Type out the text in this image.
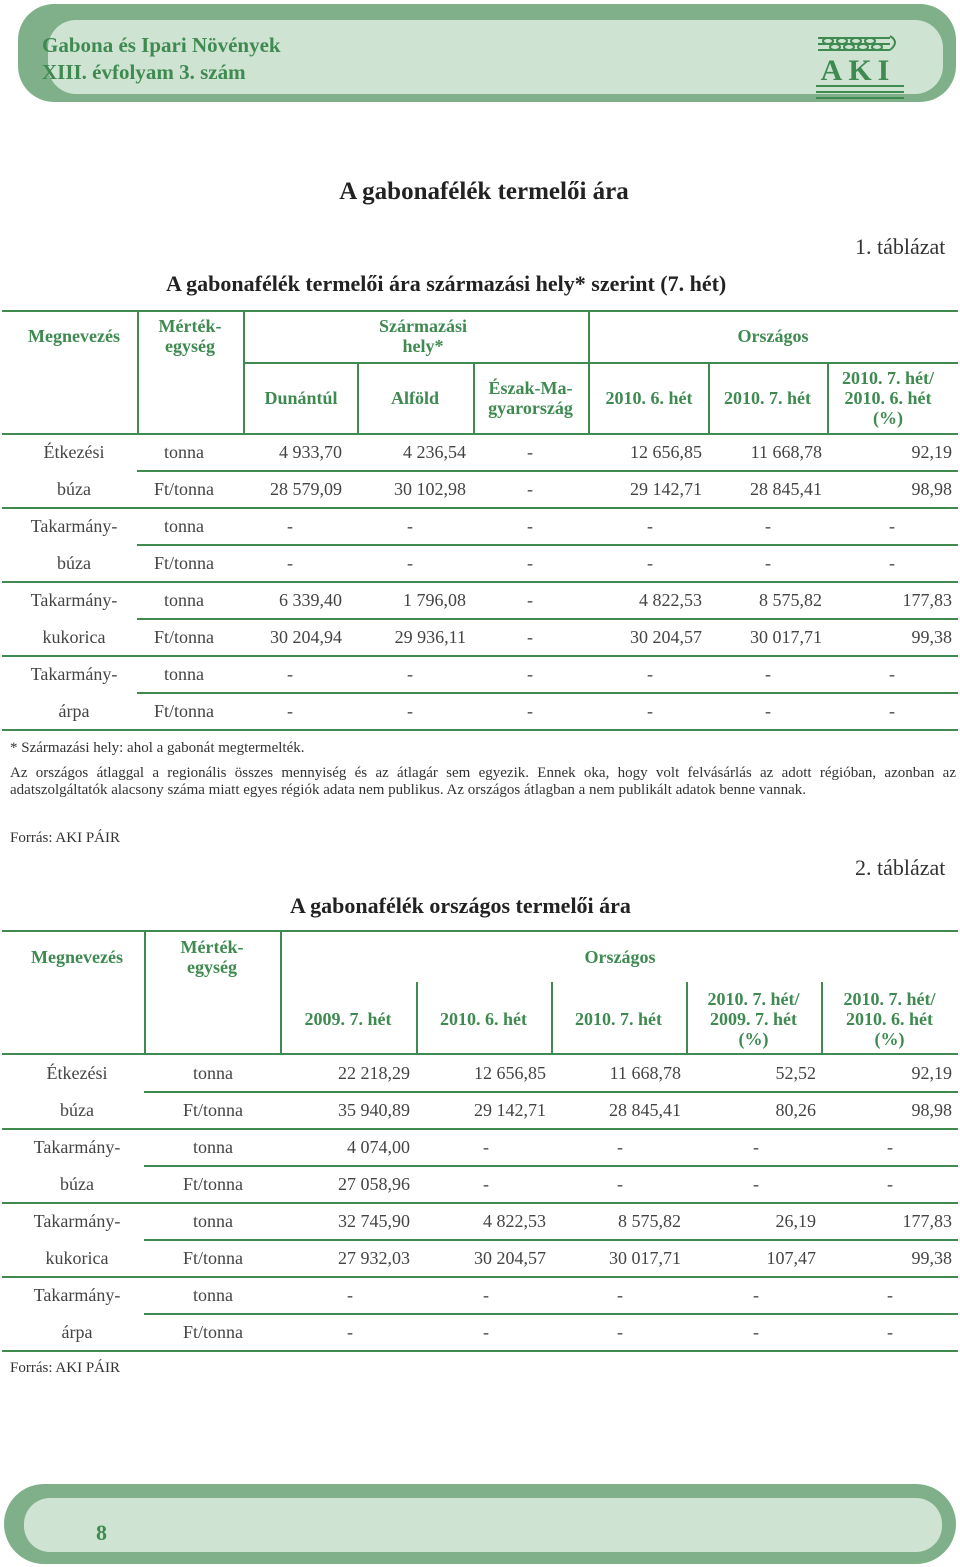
Gabona és Ipari Növények
XIII. évfolyam 3. szám	AKI
A gabonafélék termelői ára
1. táblázat
A gabonafélék termelői ára származási hely* szerint (7. hét)
Megnevezés	Mérték-
egység
Származási
hely*	Országos
Dunántúl	Alföld	Észak-Ma-
gyarország	2010. 6. hét	2010. 7. hét
2010. 7. hét/
2010. 6. hét
(%)
Étkezési	tonna	4 933,70	4 236,54	-	12 656,85	11 668,78	92,19
búza	Ft/tonna	28 579,09	30 102,98	-	29 142,71	28 845,41	98,98
Takarmány-	tonna	-	-	-	-	-	-
búza	Ft/tonna	-	-	-	-	-	-
Takarmány-	tonna	6 339,40	1 796,08	-	4 822,53	8 575,82	177,83
kukorica	Ft/tonna	30 204,94	29 936,11	-	30 204,57	30 017,71	99,38
Takarmány-	tonna	-	-	-	-	-	-
árpa	Ft/tonna	-	-	-	-	-	-
* Származási hely: ahol a gabonát megtermelték.
Az országos átlaggal a regionális összes mennyiség és az átlagár sem egyezik. Ennek oka, hogy volt felvásárlás az adott régióban, azonban az adatszolgáltatók alacsony száma miatt egyes régiók adata nem publikus. Az országos átlagban a nem publikált adatok benne vannak.
Forrás: AKI PÁIR
2. táblázat
A gabonafélék országos termelői ára
Megnevezés	Mérték-
egység	Országos
2009. 7. hét	2010. 6. hét	2010. 7. hét
2010. 7. hét/
2009. 7. hét
(%)
2010. 7. hét/
2010. 6. hét
(%)
Étkezési	tonna	22 218,29	12 656,85	11 668,78	52,52	92,19
búza	Ft/tonna	35 940,89	29 142,71	28 845,41	80,26	98,98
Takarmány-	tonna	4 074,00	-	-	-	-
búza	Ft/tonna	27 058,96	-	-	-	-
Takarmány-	tonna	32 745,90	4 822,53	8 575,82	26,19	177,83
kukorica	Ft/tonna	27 932,03	30 204,57	30 017,71	107,47	99,38
Takarmány-	tonna	-	-	-	-	-
árpa	Ft/tonna	-	-	-	-	-
Forrás: AKI PÁIR
8
